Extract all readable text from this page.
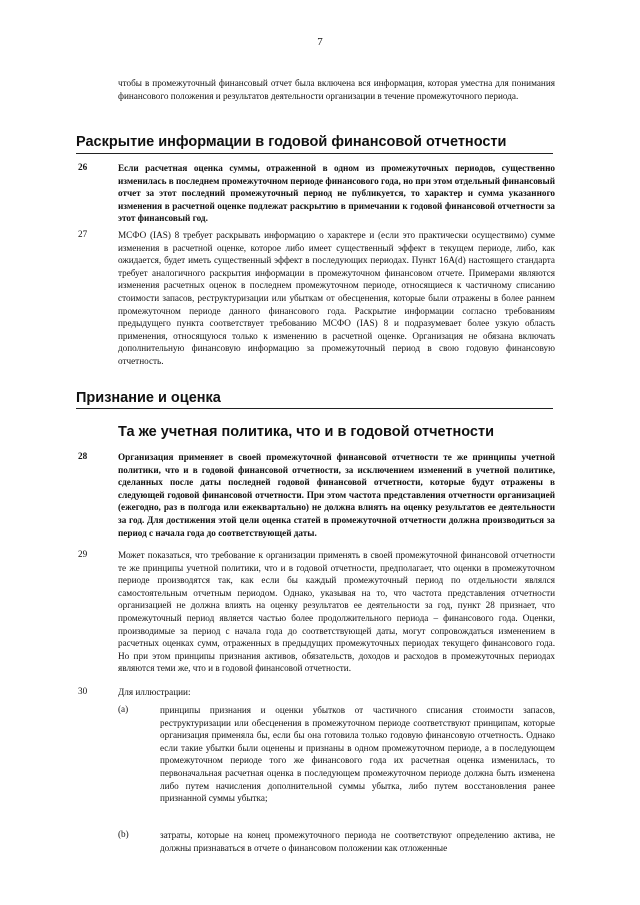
7

чтобы в промежуточный финансовый отчет была включена вся информация, которая уместна для понимания финансового положения и результатов деятельности организации в течение промежуточного периода.

Раскрытие информации в годовой финансовой отчетности
26	Если расчетная оценка суммы, отраженной в одном из промежуточных периодов, существенно изменилась в последнем промежуточном периоде финансового года, но при этом отдельный финансовый отчет за этот последний промежуточный период не публикуется, то характер и сумма указанного изменения в расчетной оценке подлежат раскрытию в примечании к годовой финансовой отчетности за этот финансовый год.

27	МСФО (IAS) 8 требует раскрывать информацию о характере и (если это практически осуществимо) сумме изменения в расчетной оценке, которое либо имеет существенный эффект в текущем периоде, либо, как ожидается, будет иметь существенный эффект в последующих периодах. Пункт 16А(d) настоящего стандарта требует аналогичного раскрытия информации в промежуточном финансовом отчете. Примерами являются изменения расчетных оценок в последнем промежуточном периоде, относящиеся к частичному списанию стоимости запасов, реструктуризации или убыткам от обесценения, которые были отражены в более раннем промежуточном периоде данного финансового года. Раскрытие информации согласно требованиям предыдущего пункта соответствует требованию МСФО (IAS) 8 и подразумевает более узкую область применения, относящуюся только к изменению в расчетной оценке. Организация не обязана включать дополнительную финансовую информацию за промежуточный период в свою годовую финансовую отчетность.

Признание и оценка
Та же учетная политика, что и в годовой отчетности
28	Организация применяет в своей промежуточной финансовой отчетности те же принципы учетной политики, что и в годовой финансовой отчетности, за исключением изменений в учетной политике, сделанных после даты последней годовой финансовой отчетности, которые будут отражены в следующей годовой финансовой отчетности. При этом частота представления отчетности организацией (ежегодно, раз в полгода или ежеквартально) не должна влиять на оценку результатов ее деятельности за год. Для достижения этой цели оценка статей в промежуточной отчетности должна производиться за период с начала года до соответствующей даты.

29	Может показаться, что требование к организации применять в своей промежуточной финансовой отчетности те же принципы учетной политики, что и в годовой отчетности, предполагает, что оценки в промежуточном периоде производятся так, как если бы каждый промежуточный период по отдельности являлся самостоятельным отчетным периодом. Однако, указывая на то, что частота представления отчетности организацией не должна влиять на оценку результатов ее деятельности за год, пункт 28 признает, что промежуточный период является частью более продолжительного периода – финансового года. Оценки, производимые за период с начала года до соответствующей даты, могут сопровождаться изменением в расчетных оценках сумм, отраженных в предыдущих промежуточных периодах текущего финансового года. Но при этом принципы признания активов, обязательств, доходов и расходов в промежуточных периодах являются теми же, что и в годовой финансовой отчетности.

30	Для иллюстрации:

(a)	принципы признания и оценки убытков от частичного списания стоимости запасов, реструктуризации или обесценения в промежуточном периоде соответствуют принципам, которые организация применяла бы, если бы она готовила только годовую финансовую отчетность. Однако если такие убытки были оценены и признаны в одном промежуточном периоде, а в последующем промежуточном периоде того же финансового года их расчетная оценка изменилась, то первоначальная расчетная оценка в последующем промежуточном периоде должна быть изменена либо путем начисления дополнительной суммы убытка, либо путем восстановления ранее признанной суммы убытка;

(b)	затраты, которые на конец промежуточного периода не соответствуют определению актива, не должны признаваться в отчете о финансовом положении как отложенные
